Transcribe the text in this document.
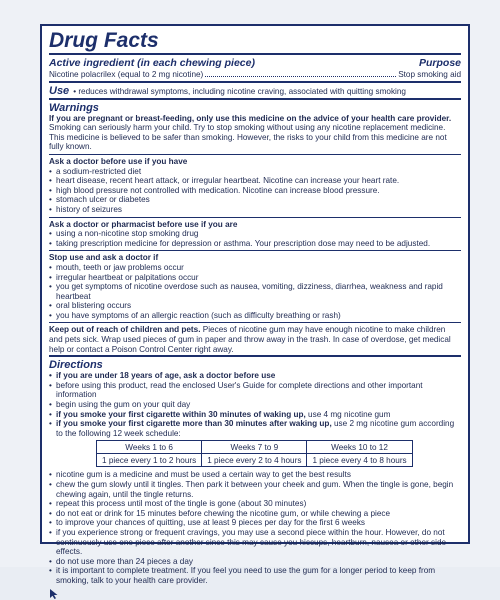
Drug Facts
Active ingredient (in each chewing piece)	Purpose
Nicotine polacrilex (equal to 2 mg nicotine)	Stop smoking aid
Use • reduces withdrawal symptoms, including nicotine craving, associated with quitting smoking
Warnings

If you are pregnant or breast-feeding, only use this medicine on the advice of your health care provider.

Smoking can seriously harm your child. Try to stop smoking without using any nicotine replacement medicine. This medicine is believed to be safer than smoking. However, the risks to your child from this medicine are not fully known.

Ask a doctor before use if you have

• a sodium-restricted diet
• heart disease, recent heart attack, or irregular heartbeat. Nicotine can increase your heart rate.
• high blood pressure not controlled with medication. Nicotine can increase blood pressure.
• stomach ulcer or diabetes
• history of seizures

Ask a doctor or pharmacist before use if you are

• using a non-nicotine stop smoking drug
• taking prescription medicine for depression or asthma. Your prescription dose may need to be adjusted.

Stop use and ask a doctor if

• mouth, teeth or jaw problems occur
• irregular heartbeat or palpitations occur
• you get symptoms of nicotine overdose such as nausea, vomiting, dizziness, diarrhea, weakness and rapid heartbeat
• oral blistering occurs
• you have symptoms of an allergic reaction (such as difficulty breathing or rash)

Keep out of reach of children and pets. Pieces of nicotine gum may have enough nicotine to make children and pets sick. Wrap used pieces of gum in paper and throw away in the trash. In case of overdose, get medical help or contact a Poison Control Center right away.

Directions
• if you are under 18 years of age, ask a doctor before use
• before using this product, read the enclosed User's Guide for complete directions and other important information
• begin using the gum on your quit day
• if you smoke your first cigarette within 30 minutes of waking up, use 4 mg nicotine gum
• if you smoke your first cigarette more than 30 minutes after waking up, use 2 mg nicotine gum according to the following 12 week schedule:
Weeks 1 to 6	Weeks 7 to 9	Weeks 10 to 12
1 piece every 1 to 2 hours	1 piece every 2 to 4 hours	1 piece every 4 to 8 hours
• nicotine gum is a medicine and must be used a certain way to get the best results
• chew the gum slowly until it tingles. Then park it between your cheek and gum. When the tingle is gone, begin chewing again, until the tingle returns.
• repeat this process until most of the tingle is gone (about 30 minutes)
• do not eat or drink for 15 minutes before chewing the nicotine gum, or while chewing a piece
• to improve your chances of quitting, use at least 9 pieces per day for the first 6 weeks
• if you experience strong or frequent cravings, you may use a second piece within the hour. However, do not continuously use one piece after another since this may cause you hiccups, heartburn, nausea or other side effects.
• do not use more than 24 pieces a day
• it is important to complete treatment. If you feel you need to use the gum for a longer period to keep from smoking, talk to your health care provider.
